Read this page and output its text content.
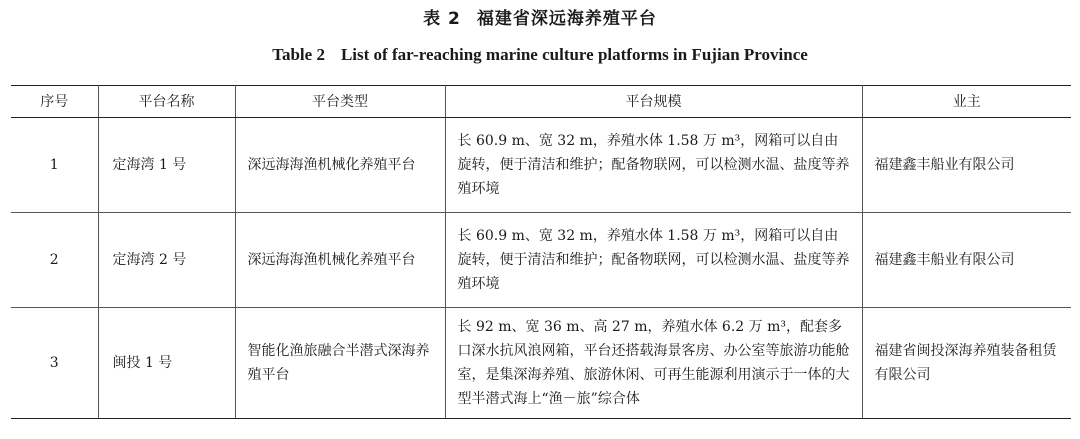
表 2 福建省深远海养殖平台
Table 2 List of far-reaching marine culture platforms in Fujian Province
序号	平台名称	平台类型	平台规模	业主
1	定海湾 1 号	深远海海渔机械化养殖平台	长 60.9 m、宽 32 m，养殖水体 1.58 万 m³，网箱可以自由旋转，便于清洁和维护；配备物联网，可以检测水温、盐度等养殖环境	福建鑫丰船业有限公司
2	定海湾 2 号	深远海海渔机械化养殖平台	长 60.9 m、宽 32 m，养殖水体 1.58 万 m³，网箱可以自由旋转，便于清洁和维护；配备物联网，可以检测水温、盐度等养殖环境	福建鑫丰船业有限公司
3	闽投 1 号	智能化渔旅融合半潜式深海养殖平台	长 92 m、宽 36 m、高 27 m，养殖水体 6.2 万 m³，配套多口深水抗风浪网箱，平台还搭载海景客房、办公室等旅游功能舱室，是集深海养殖、旅游休闲、可再生能源利用演示于一体的大型半潜式海上“渔－旅”综合体	福建省闽投深海养殖装备租赁有限公司
